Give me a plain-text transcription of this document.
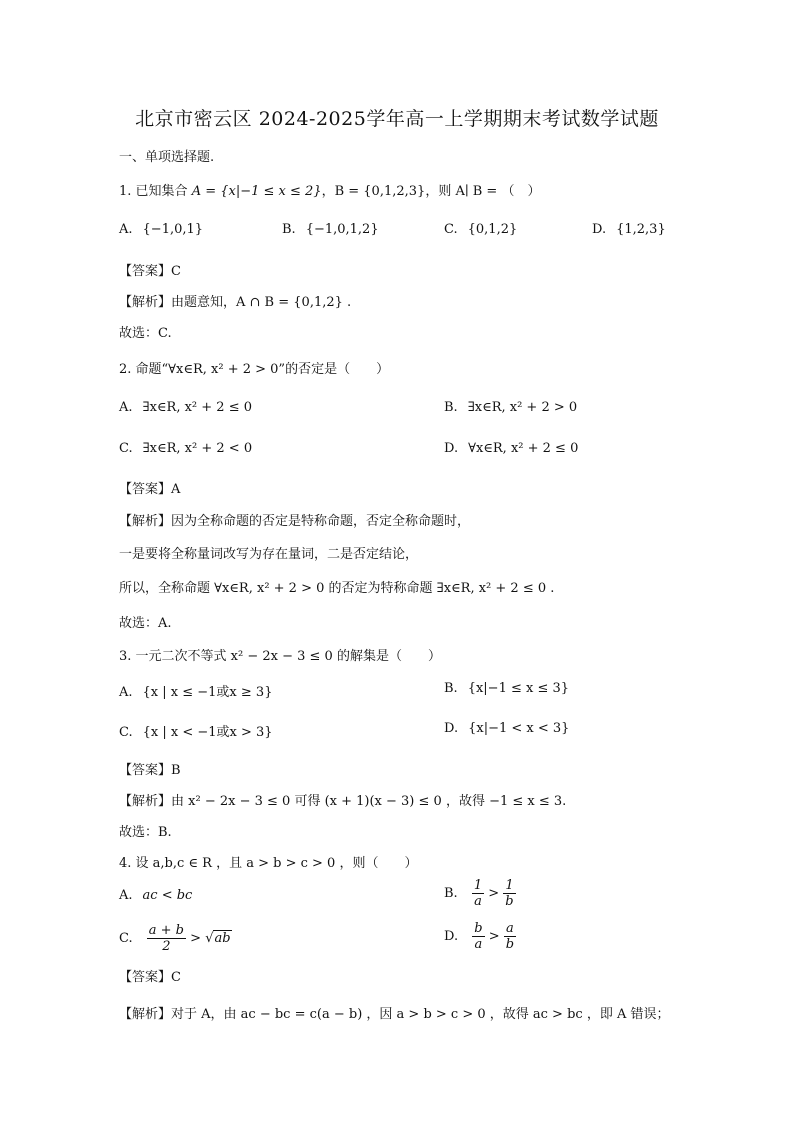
北京市密云区 2024-2025学年高一上学期期末考试数学试题
一、单项选择题.
1. 已知集合 A = {x|−1 ≤ x ≤ 2}，B = {0,1,2,3}，则 A∣ B = （　）
A. {−1,0,1}	B. {−1,0,1,2}	C. {0,1,2}	D. {1,2,3}
【答案】C
【解析】由题意知，A ∩ B = {0,1,2} .
故选：C.
2. 命题“∀x∈R, x² + 2 > 0”的否定是（　　）
A. ∃x∈R, x² + 2 ≤ 0	B. ∃x∈R, x² + 2 > 0
C. ∃x∈R, x² + 2 < 0	D. ∀x∈R, x² + 2 ≤ 0
【答案】A
【解析】因为全称命题的否定是特称命题，否定全称命题时，
一是要将全称量词改写为存在量词，二是否定结论，
所以，全称命题 ∀x∈R, x² + 2 > 0 的否定为特称命题 ∃x∈R, x² + 2 ≤ 0 .
故选：A.
3. 一元二次不等式 x² − 2x − 3 ≤ 0 的解集是（　　）
A. {x | x ≤ −1或x ≥ 3}	B. {x|−1 ≤ x ≤ 3}
C. {x | x < −1或x > 3}	D. {x|−1 < x < 3}
【答案】B
【解析】由 x² − 2x − 3 ≤ 0 可得 (x + 1)(x − 3) ≤ 0 ，故得 −1 ≤ x ≤ 3.
故选：B.
4. 设 a,b,c ∈ R ，且 a > b > c > 0 ，则（　　）
A. ac < bc	B. $\frac{1}{a} > \frac{1}{b}$
C. $\frac{a + b}{2} > √ab$	D. $\frac{b}{a} > \frac{a}{b}$
【答案】C
【解析】对于 A，由 ac − bc = c(a − b) ，因 a > b > c > 0 ，故得 ac > bc ，即 A 错误；
